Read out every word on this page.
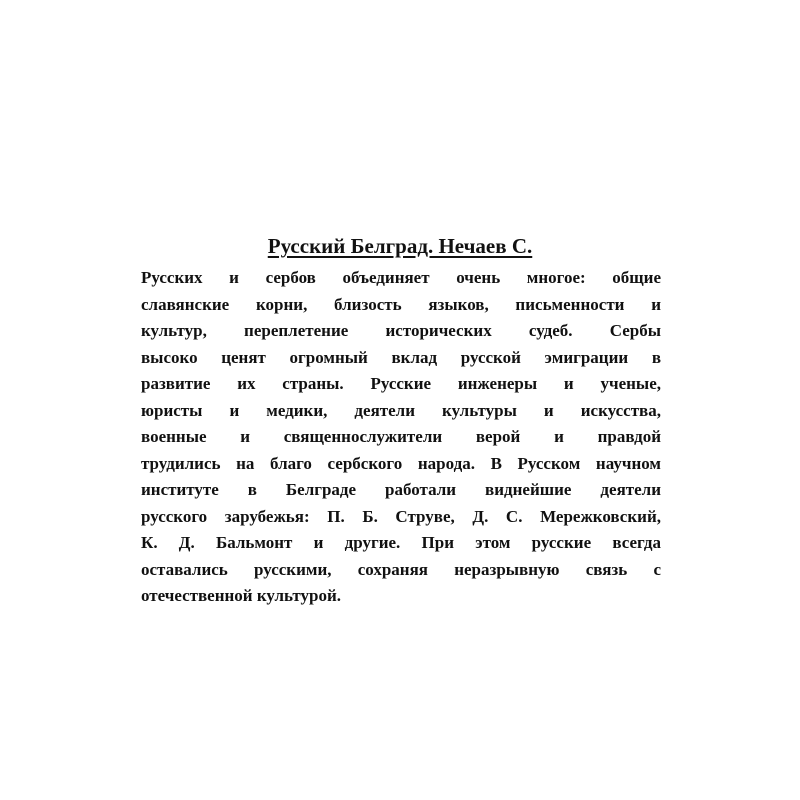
Русский Белград. Нечаев С.
Русских и сербов объединяет очень многое: общие
славянские корни, близость языков, письменности и
культур, переплетение исторических судеб. Сербы
высоко ценят огромный вклад русской эмиграции в
развитие их страны. Русские инженеры и ученые,
юристы и медики, деятели культуры и искусства,
военные и священнослужители верой и правдой
трудились на благо сербского народа. В Русском научном
институте в Белграде работали виднейшие деятели
русского зарубежья: П. Б. Струве, Д. С. Мережковский,
К. Д. Бальмонт и другие. При этом русские всегда
оставались русскими, сохраняя неразрывную связь с
отечественной культурой.
